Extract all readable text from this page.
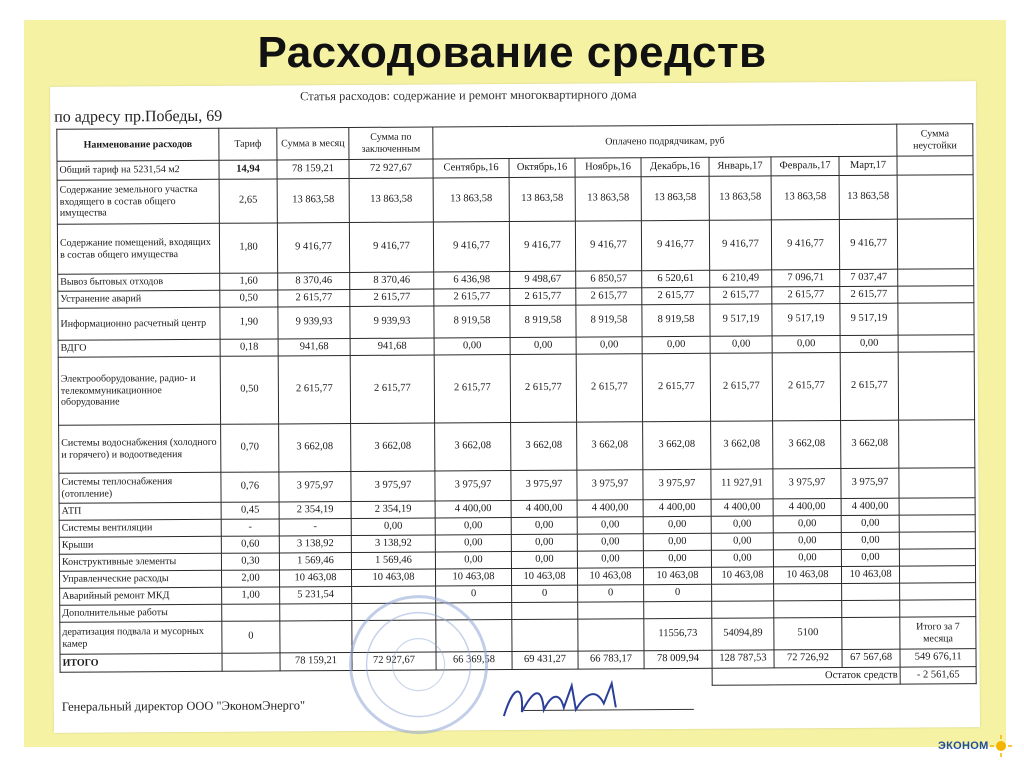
Расходование средств
Статья расходов: содержание и ремонт многоквартирного дома
по адресу пр.Победы, 69
Наименование расходов	Тариф	Сумма в месяц	Сумма по заключенным	Оплачено подрядчикам, руб							Сумма неустойки
Общий тариф на 5231,54 м2	14,94	78 159,21	72 927,67	Сентябрь,16	Октябрь,16	Ноябрь,16	Декабрь,16	Январь,17	Февраль,17	Март,17	
Содержание земельного участка входящего в состав общего имущества	2,65	13 863,58	13 863,58	13 863,58	13 863,58	13 863,58	13 863,58	13 863,58	13 863,58	13 863,58	
Содержание помещений, входящих в состав общего имущества	1,80	9 416,77	9 416,77	9 416,77	9 416,77	9 416,77	9 416,77	9 416,77	9 416,77	9 416,77	
Вывоз бытовых отходов	1,60	8 370,46	8 370,46	6 436,98	9 498,67	6 850,57	6 520,61	6 210,49	7 096,71	7 037,47	
Устранение аварий	0,50	2 615,77	2 615,77	2 615,77	2 615,77	2 615,77	2 615,77	2 615,77	2 615,77	2 615,77	
Информационно расчетный центр	1,90	9 939,93	9 939,93	8 919,58	8 919,58	8 919,58	8 919,58	9 517,19	9 517,19	9 517,19	
ВДГО	0,18	941,68	941,68	0,00	0,00	0,00	0,00	0,00	0,00	0,00	
Электрооборудование, радио- и телекоммуникационное оборудование	0,50	2 615,77	2 615,77	2 615,77	2 615,77	2 615,77	2 615,77	2 615,77	2 615,77	2 615,77	
Системы водоснабжения (холодного и горячего) и водоотведения	0,70	3 662,08	3 662,08	3 662,08	3 662,08	3 662,08	3 662,08	3 662,08	3 662,08	3 662,08	
Системы теплоснабжения (отопление)	0,76	3 975,97	3 975,97	3 975,97	3 975,97	3 975,97	3 975,97	11 927,91	3 975,97	3 975,97	
АТП	0,45	2 354,19	2 354,19	4 400,00	4 400,00	4 400,00	4 400,00	4 400,00	4 400,00	4 400,00	
Системы вентиляции	-	-	0,00	0,00	0,00	0,00	0,00	0,00	0,00	0,00	
Крыши	0,60	3 138,92	3 138,92	0,00	0,00	0,00	0,00	0,00	0,00	0,00	
Конструктивные элементы	0,30	1 569,46	1 569,46	0,00	0,00	0,00	0,00	0,00	0,00	0,00	
Управленческие расходы	2,00	10 463,08	10 463,08	10 463,08	10 463,08	10 463,08	10 463,08	10 463,08	10 463,08	10 463,08	
Аварийный ремонт МКД	1,00	5 231,54		0	0	0	0				
Дополнительные работы											
дератизация подвала и мусорных камер	0						11556,73	54094,89	5100		Итого за 7 месяца
ИТОГО		78 159,21	72 927,67	66 369,58	69 431,27	66 783,17	78 009,94	128 787,53	72 726,92	67 567,68	549 676,11
								Остаток средств			- 2 561,65
Генеральный директор ООО "ЭкономЭнерго"
ЭКОНОМ
